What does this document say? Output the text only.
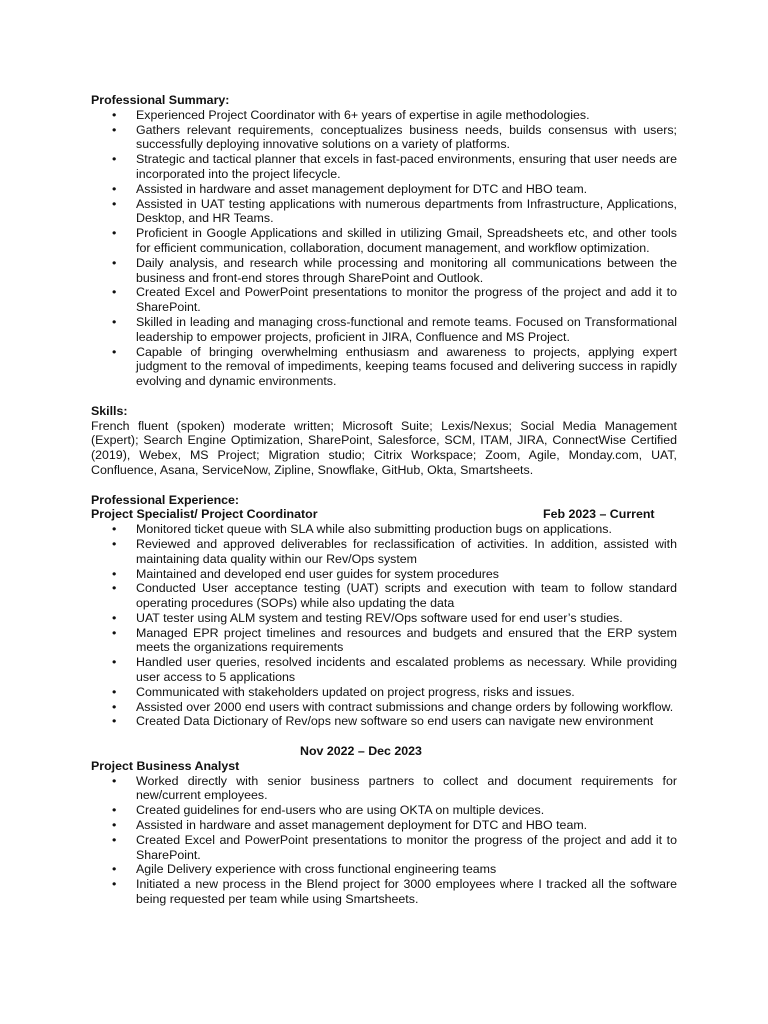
Professional Summary:
• Experienced Project Coordinator with 6+ years of expertise in agile methodologies.
• Gathers relevant requirements, conceptualizes business needs, builds consensus with users; successfully deploying innovative solutions on a variety of platforms.
• Strategic and tactical planner that excels in fast-paced environments, ensuring that user needs are incorporated into the project lifecycle.
• Assisted in hardware and asset management deployment for DTC and HBO team.
• Assisted in UAT testing applications with numerous departments from Infrastructure, Applications, Desktop, and HR Teams.
• Proficient in Google Applications and skilled in utilizing Gmail, Spreadsheets etc, and other tools for efficient communication, collaboration, document management, and workflow optimization.
• Daily analysis, and research while processing and monitoring all communications between the business and front-end stores through SharePoint and Outlook.
• Created Excel and PowerPoint presentations to monitor the progress of the project and add it to SharePoint.
• Skilled in leading and managing cross-functional and remote teams. Focused on Transformational leadership to empower projects, proficient in JIRA, Confluence and MS Project.
• Capable of bringing overwhelming enthusiasm and awareness to projects, applying expert judgment to the removal of impediments, keeping teams focused and delivering success in rapidly evolving and dynamic environments.
Skills:

French fluent (spoken) moderate written; Microsoft Suite; Lexis/Nexus; Social Media Management (Expert); Search Engine Optimization, SharePoint, Salesforce, SCM, ITAM, JIRA, ConnectWise Certified (2019), Webex, MS Project; Migration studio; Citrix Workspace; Zoom, Agile, Monday.com, UAT, Confluence, Asana, ServiceNow, Zipline, Snowflake, GitHub, Okta, Smartsheets.

Professional Experience:
Project Specialist/ Project Coordinator	Feb 2023 – Current
• Monitored ticket queue with SLA while also submitting production bugs on applications.
• Reviewed and approved deliverables for reclassification of activities. In addition, assisted with maintaining data quality within our Rev/Ops system
• Maintained and developed end user guides for system procedures
• Conducted User acceptance testing (UAT) scripts and execution with team to follow standard operating procedures (SOPs) while also updating the data
• UAT tester using ALM system and testing REV/Ops software used for end user’s studies.
• Managed EPR project timelines and resources and budgets and ensured that the ERP system meets the organizations requirements
• Handled user queries, resolved incidents and escalated problems as necessary. While providing user access to 5 applications
• Communicated with stakeholders updated on project progress, risks and issues.
• Assisted over 2000 end users with contract submissions and change orders by following workflow.
• Created Data Dictionary of Rev/ops new software so end users can navigate new environment
Nov 2022 – Dec 2023
Project Business Analyst
• Worked directly with senior business partners to collect and document requirements for new/current employees.
• Created guidelines for end-users who are using OKTA on multiple devices.
• Assisted in hardware and asset management deployment for DTC and HBO team.
• Created Excel and PowerPoint presentations to monitor the progress of the project and add it to SharePoint.
• Agile Delivery experience with cross functional engineering teams
• Initiated a new process in the Blend project for 3000 employees where I tracked all the software being requested per team while using Smartsheets.
